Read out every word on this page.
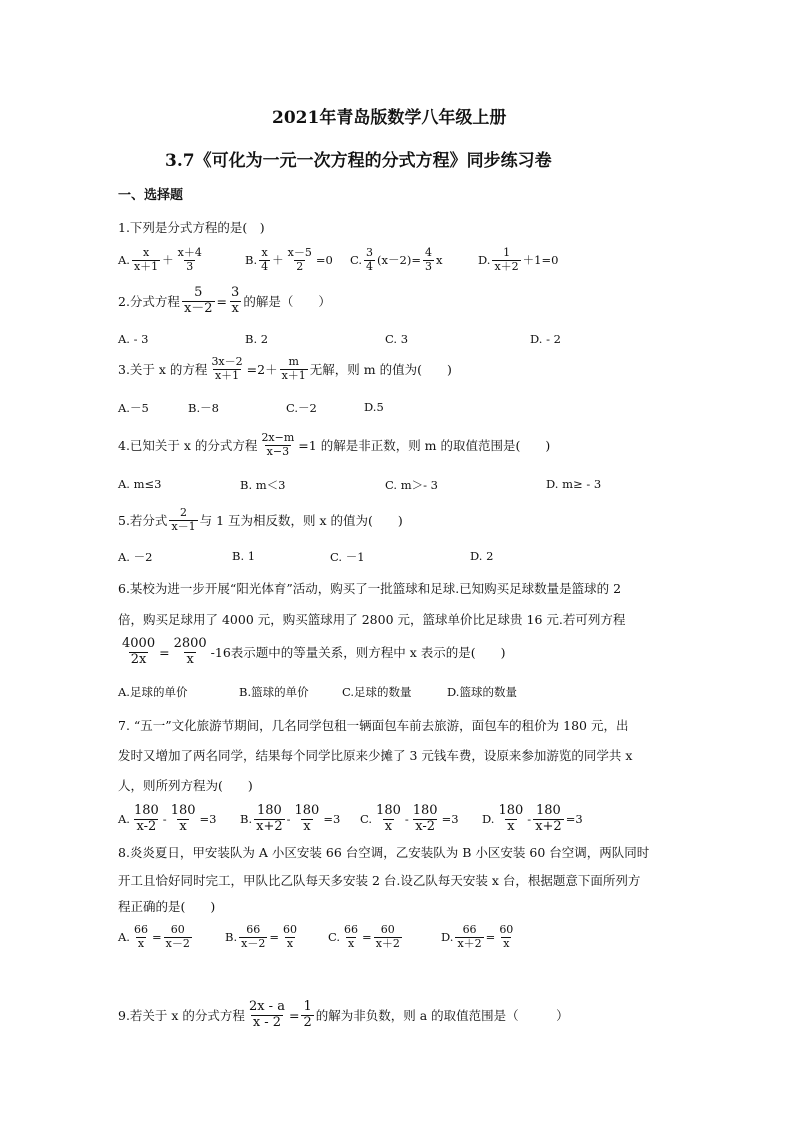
2021年青岛版数学八年级上册
3.7《可化为一元一次方程的分式方程》同步练习卷
一、选择题
1.下列是分式方程的是(　)
A. $\frac{x}{x+1} + \frac{x+4}{3}$	B. $\frac{x}{4} + \frac{x-5}{2} =0$ C. $\frac{3}{4} (x-2)= \frac{4}{3}$ x	D. $\frac{1}{x+2} +1=0$
2.分式方程 $\frac{5}{x-2} = \frac{3}{x}$ 的解是（　　）
A. - 3	B. 2	C. 3	D. - 2
3.关于 x 的方程 $\frac{3x-2}{x+1} =2+ \frac{m}{x+1}$ 无解，则 m 的值为(　　)
A.－5	B.－8	C.－2	D.5
4.已知关于 x 的分式方程 $\frac{2x-m}{x-3} =1$ 的解是非正数，则 m 的取值范围是(　　)
A. m≤3	B. m＜3	C. m＞- 3	D. m≥ - 3
5.若分式 $\frac{2}{x-1}$ 与 1 互为相反数，则 x 的值为(　　)
A. －2	B. 1	C. －1	D. 2
6.某校为进一步开展“阳光体育”活动，购买了一批篮球和足球.已知购买足球数量是篮球的 2
倍，购买足球用了 4000 元，购买篮球用了 2800 元，篮球单价比足球贵 16 元.若可列方程
$\frac{4000}{2x} = \frac{2800}{x} -16$表示题中的等量关系，则方程中 x 表示的是(　　)
A.足球的单价	B.篮球的单价	C.足球的数量	D.篮球的数量
7. “五一”文化旅游节期间，几名同学包租一辆面包车前去旅游，面包车的租价为 180 元，出
发时又增加了两名同学，结果每个同学比原来少摊了 3 元钱车费，设原来参加游览的同学共 x
人，则所列方程为(　　)
A. $\frac{180}{x-2} - \frac{180}{x} =3$ B. $\frac{180}{x+2} - \frac{180}{x} =3$ C. $\frac{180}{x} - \frac{180}{x-2} =3$ D. $\frac{180}{x} - \frac{180}{x+2} =3$
8.炎炎夏日，甲安装队为 A 小区安装 66 台空调，乙安装队为 B 小区安装 60 台空调，两队同时
开工且恰好同时完工，甲队比乙队每天多安装 2 台.设乙队每天安装 x 台，根据题意下面所列方
程正确的是(　　)
A. $\frac{66}{x} = \frac{60}{x-2}$	B. $\frac{66}{x-2} = \frac{60}{x}$	C. $\frac{66}{x} = \frac{60}{x+2}$	D. $\frac{66}{x+2} = \frac{60}{x}$
9.若关于 x 的分式方程 $\frac{2x - a}{x - 2} = \frac{1}{2}$ 的解为非负数，则 a 的取值范围是（　　　）
